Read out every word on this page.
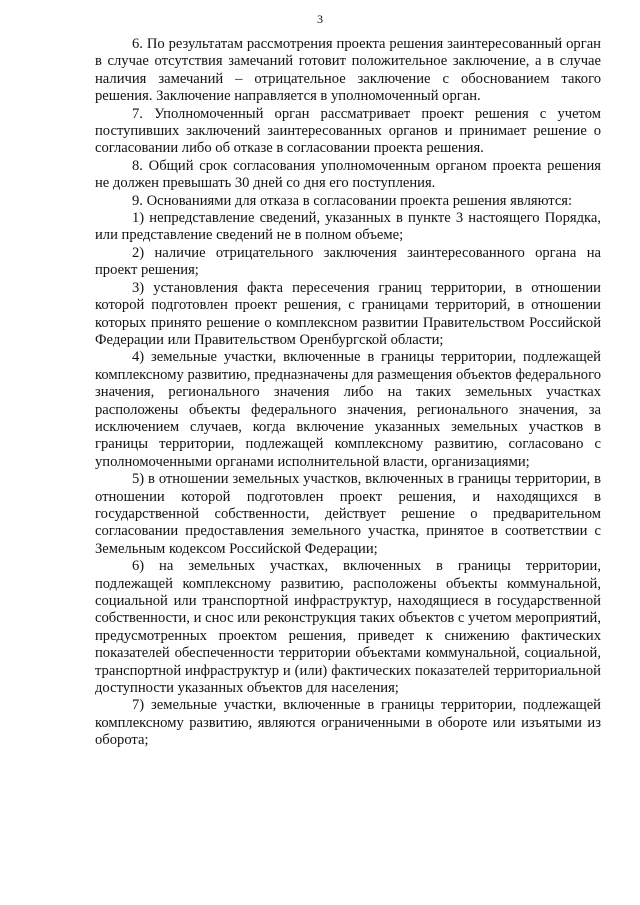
3

6. По результатам рассмотрения проекта решения заинтересованный орган в случае отсутствия замечаний готовит положительное заключение, а в случае наличия замечаний – отрицательное заключение с обоснованием такого решения. Заключение направляется в уполномоченный орган.

7. Уполномоченный орган рассматривает проект решения с учетом поступивших заключений заинтересованных органов и принимает решение о согласовании либо об отказе в согласовании проекта решения.

8. Общий срок согласования уполномоченным органом проекта решения не должен превышать 30 дней со дня его поступления.

9. Основаниями для отказа в согласовании проекта решения являются:

1) непредставление сведений, указанных в пункте 3 настоящего Порядка, или представление сведений не в полном объеме;

2) наличие отрицательного заключения заинтересованного органа на проект решения;

3) установления факта пересечения границ территории, в отношении которой подготовлен проект решения, с границами территорий, в отношении которых принято решение о комплексном развитии Правительством Российской Федерации или Правительством Оренбургской области;

4) земельные участки, включенные в границы территории, подлежащей комплексному развитию, предназначены для размещения объектов федерального значения, регионального значения либо на таких земельных участках расположены объекты федерального значения, регионального значения, за исключением случаев, когда включение указанных земельных участков в границы территории, подлежащей комплексному развитию, согласовано с уполномоченными органами исполнительной власти, организациями;

5) в отношении земельных участков, включенных в границы территории, в отношении которой подготовлен проект решения, и находящихся в государственной собственности, действует решение о предварительном согласовании предоставления земельного участка, принятое в соответствии с Земельным кодексом Российской Федерации;

6) на земельных участках, включенных в границы территории, подлежащей комплексному развитию, расположены объекты коммунальной, социальной или транспортной инфраструктур, находящиеся в государственной собственности, и снос или реконструкция таких объектов с учетом мероприятий, предусмотренных проектом решения, приведет к снижению фактических показателей обеспеченности территории объектами коммунальной, социальной, транспортной инфраструктур и (или) фактических показателей территориальной доступности указанных объектов для населения;

7) земельные участки, включенные в границы территории, подлежащей комплексному развитию, являются ограниченными в обороте или изъятыми из оборота;
